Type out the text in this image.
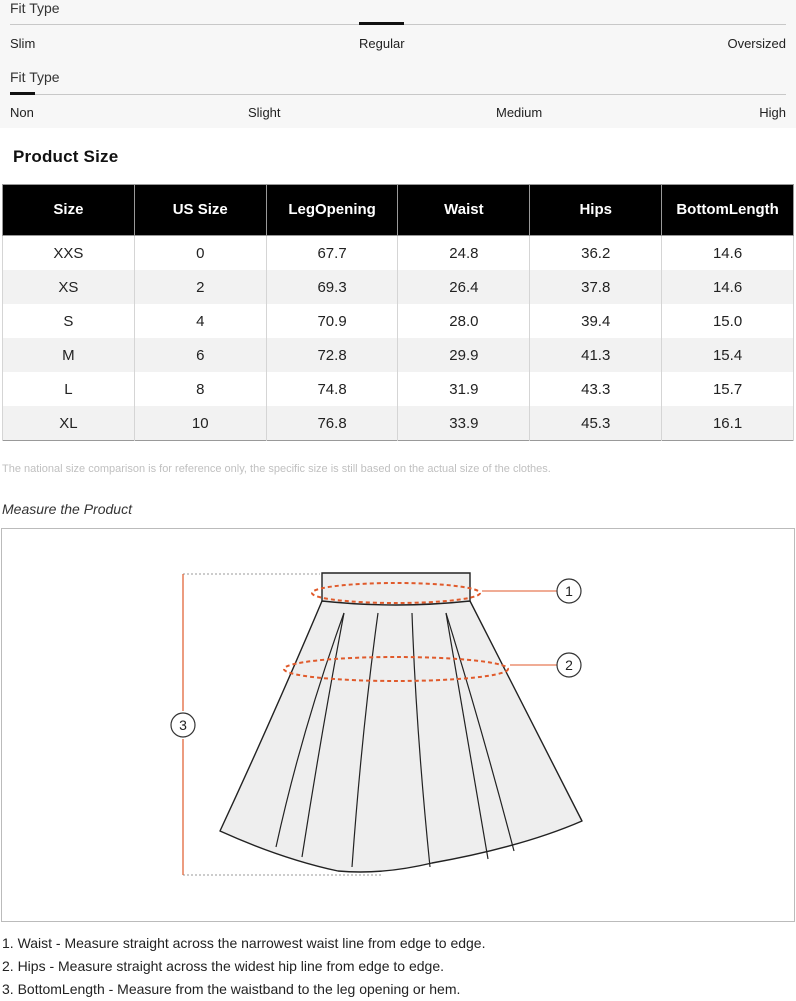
Fit Type
Slim	Regular	Oversized
Fit Type
Non	Slight	Medium	High
Product Size
Size	US Size	LegOpening	Waist	Hips	BottomLength
XXS	0	67.7	24.8	36.2	14.6
XS	2	69.3	26.4	37.8	14.6
S	4	70.9	28.0	39.4	15.0
M	6	72.8	29.9	41.3	15.4
L	8	74.8	31.9	43.3	15.7
XL	10	76.8	33.9	45.3	16.1
The national size comparison is for reference only, the specific size is still based on the actual size of the clothes.
Measure the Product
1
2
3
1. Waist - Measure straight across the narrowest waist line from edge to edge.
2. Hips - Measure straight across the widest hip line from edge to edge.
3. BottomLength - Measure from the waistband to the leg opening or hem.
